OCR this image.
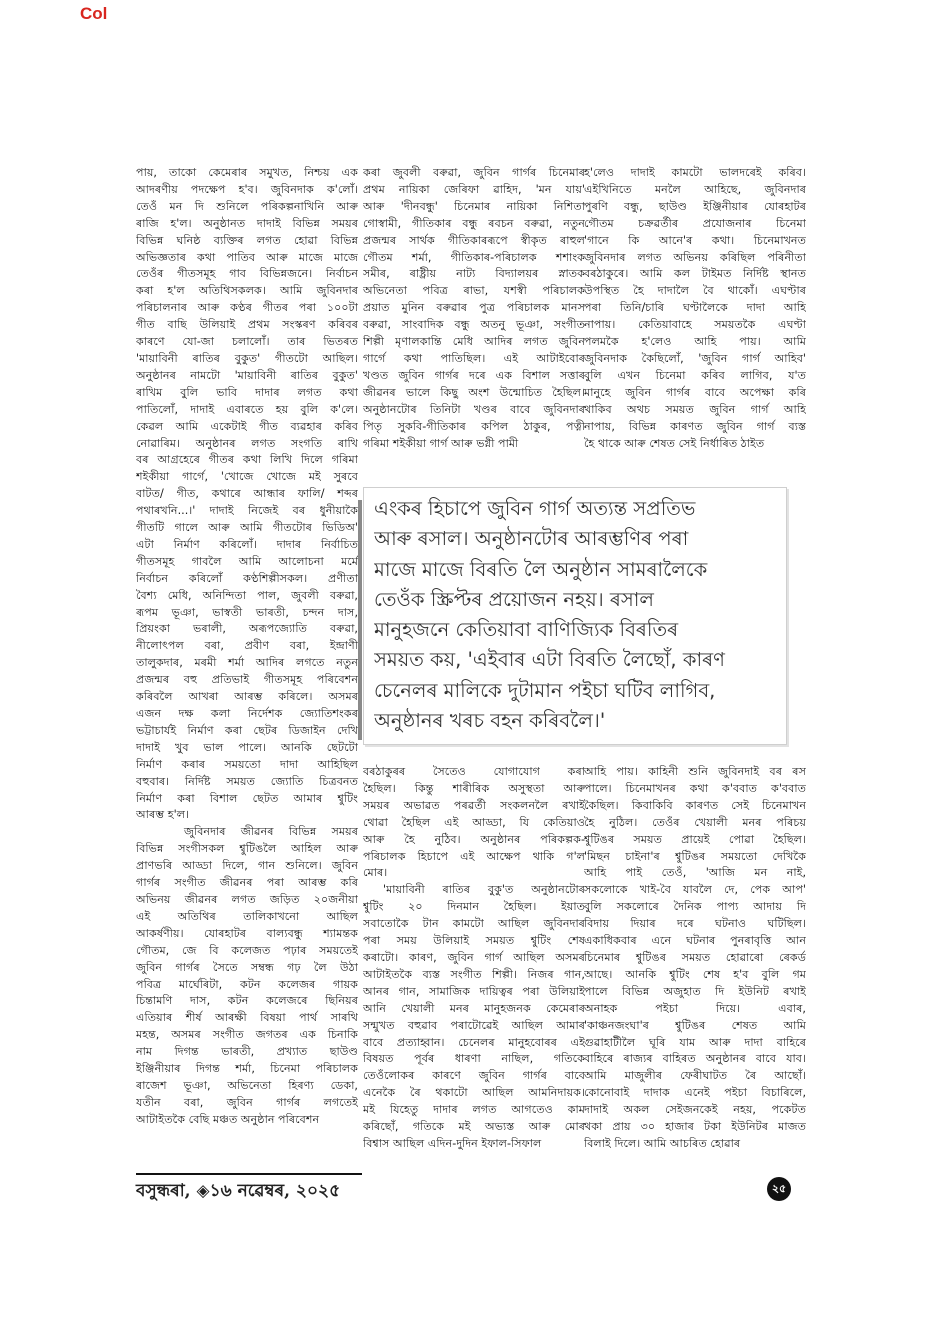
Col
পায়, তাকো কেমেৰাৰ সমুখত, নিশ্চয় এক
আদৰণীয় পদক্ষেপ হ'ব। জুবিনদাক ক'লোঁ।
তেওঁ মন দি শুনিলে পৰিকল্পনাখিনি আৰু
ৰাজি হ'ল। অনুষ্ঠানত দাদাই বিভিন্ন সময়ৰ
বিভিন্ন ঘনিষ্ঠ ব্যক্তিৰ লগত হোৱা বিভিন্ন
অভিজ্ঞতাৰ কথা পাতিব আৰু মাজে মাজে
তেওঁৰ গীতসমূহ গাব বিভিন্নজনে। নিৰ্বাচন
কৰা হ'ল অতিথিসকলক। আমি জুবিনদাৰ
পৰিচালনাৰ আৰু কণ্ঠৰ গীতৰ পৰা ১০০টা
গীত বাছি উলিয়াই প্ৰথম সংস্কৰণ কৰিবৰ
কাৰণে যো-জা চলালোঁ। তাৰ ভিতৰত
'মায়াবিনী ৰাতিৰ বুকুত' গীতটো আছিল।
অনুষ্ঠানৰ নামটো 'মায়াবিনী ৰাতিৰ বুকুত'
ৰাখিম বুলি ভাবি দাদাৰ লগত কথা
পাতিলোঁ, দাদাই এবাৰতে হয় বুলি ক'লে।
কেৱল আমি একেটাই গীত ব্যৱহাৰ কৰিব
নোৱাৰিম। অনুষ্ঠানৰ লগত সংগতি ৰাখি
বৰ আগ্ৰহেৰে গীতৰ কথা লিখি দিলে গৰিমা
শইকীয়া গাৰ্গে, 'খোজে খোজে মই সুৰবে
বাটত/ গীত, কথাৰে আন্ধাৰ ফালি/ শব্দৰ
পথাৰখনি...।' দাদাই নিজেই বৰ ধুনীয়াকৈ
গীতটি গালে আৰু আমি গীতটোৰ ভিডিঅ'
এটা নিৰ্মাণ কৰিলোঁ। দাদাৰ নিৰ্বাচিত
গীতসমূহ গাবলৈ আমি আলোচনা মৰ্মে
নিৰ্বাচন কৰিলোঁ কণ্ঠশিল্পীসকল। প্ৰণীতা
বৈশ্য মেধি, অনিন্দিতা পাল, জুবলী বৰুৱা,
ৰূপম ভূঞা, ভাস্বতী ভাৰতী, চন্দন দাস,
প্ৰিয়ংকা ভৰালী, অৰূপজ্যোতি বৰুৱা,
নীলোৎপল বৰা, প্ৰবীণ বৰা, ইন্দ্ৰাণী
তালুকদাৰ, মৰমী শৰ্মা আদিৰ লগতে নতুন
প্ৰজন্মৰ বহু প্ৰতিভাই গীতসমূহ পৰিবেশন
কৰিবলৈ আখৰা আৰম্ভ কৰিলে। অসমৰ
এজন দক্ষ কলা নিৰ্দেশক জ্যোতিশংকৰ
ভট্টাচাৰ্যই নিৰ্মাণ কৰা ছেটৰ ডিজাইন দেখি
দাদাই খুব ভাল পালে। আনকি ছেটটো
নিৰ্মাণ কৰাৰ সময়তো দাদা আহিছিল
বহুবাৰ। নিৰ্দিষ্ট সময়ত জ্যোতি চিত্ৰবনত
নিৰ্মাণ কৰা বিশাল ছেটত আমাৰ শ্বুটিং
আৰম্ভ হ'ল।
জুবিনদাৰ জীৱনৰ বিভিন্ন সময়ৰ
বিভিন্ন সংগীসকল শ্বুটিঙলৈ আহিল আৰু
প্ৰাণভৰি আড্ডা দিলে, গান শুনিলে। জুবিন
গাৰ্গৰ সংগীত জীৱনৰ পৰা আৰম্ভ কৰি
অভিনয় জীৱনৰ লগত জড়িত ২০জনীয়া
এই অতিথিৰ তালিকাখনো আছিল
আকৰ্ষণীয়। যোৰহাটৰ বাল্যবন্ধু শ্যামন্তক
গৌতম, জে বি কলেজত পঢ়াৰ সময়তেই
জুবিন গাৰ্গৰ সৈতে সম্বন্ধ গঢ় লৈ উঠা
পবিত্ৰ মাৰ্ঘেৰিটা, কটন কলেজৰ গায়ক
চিন্তামণি দাস, কটন কলেজৰে ছিনিয়ৰ
এতিয়াৰ শীৰ্ষ আৰক্ষী বিষয়া পাৰ্থ সাৰথি
মহন্ত, অসমৰ সংগীত জগতৰ এক চিনাকি
নাম দিগন্ত ভাৰতী, প্ৰখ্যাত ছাউণ্ড
ইঞ্জিনীয়াৰ দিগন্ত শৰ্মা, চিনেমা পৰিচালক
ৰাজেশ ভূঞা, অভিনেতা হিৰণ্য ডেকা,
যতীন বৰা, জুবিন গাৰ্গৰ লগতেই
আটাইতকৈ বেছি মঞ্চত অনুষ্ঠান পৰিবেশন
কৰা জুবলী বৰুৱা, জুবিন গাৰ্গৰ চিনেমাৰ
প্ৰথম নায়িকা জেৰিফা ৱাহিদ, 'মন যায়'
আৰু 'দীনবন্ধু' চিনেমাৰ নায়িকা নিশিতা
গোস্বামী, গীতিকাৰ বন্ধু ৰবচন বৰুৱা, নতুন
প্ৰজন্মৰ সাৰ্থক গীতিকাৰৰূপে স্বীকৃত ৰাহুল
গৌতম শৰ্মা, গীতিকাৰ-পৰিচালক শশাংক
সমীৰ, ৰাষ্ট্ৰীয় নাট্য বিদ্যালয়ৰ স্নাতক
অভিনেতা পবিত্ৰ ৰাভা, যশস্বী পৰিচালক
প্ৰয়াত মুনিন বৰুৱাৰ পুত্ৰ পৰিচালক মানস
বৰুৱা, সাংবাদিক বন্ধু অতনু ভূঞা, সংগীত
শিল্পী মৃণালকান্তি মেধি আদিৰ লগত জুবিন
গাৰ্গে কথা পাতিছিল। এই আটাইবোৰ
খণ্ডত জুবিন গাৰ্গৰ দৰে এক বিশাল সত্তাৰ
জীৱনৰ ভালে কিছু অংশ উন্মোচিত হৈছিল।
অনুষ্ঠানটোৰ তিনিটা খণ্ডৰ বাবে জুবিনদাৰ
পিতৃ সুকবি-গীতিকাৰ কপিল ঠাকুৰ, পত্নী
গৰিমা শইকীয়া গাৰ্গ আৰু ভগ্নী পামী
হ'লেও দাদাই কামটো ভালদৰেই কৰিব।
এইখিনিতে মনলৈ আহিছে, জুবিনদাৰ
পুৰণি বন্ধু, ছাউণ্ড ইঞ্জিনীয়াৰ যোৰহাটৰ
গৌতম চক্ৰৱৰ্তীৰ প্ৰযোজনাৰ চিনেমা
'গানে কি আনে'ৰ কথা। চিনেমাখনত
জুবিনদাৰ লগত অভিনয় কৰিছিল পৰিনীতা
বৰঠাকুৰে। আমি কল টাইমত নিৰ্দিষ্ট স্থানত
উপস্থিত হৈ দাদালৈ বৈ থাকোঁ। এঘণ্টাৰ
পৰা তিনি/চাৰি ঘণ্টালৈকে দাদা আহি
নাপায়। কেতিয়াবাহে সময়তকৈ এঘণ্টা
পলমকৈ হ'লেও আহি পায়। আমি
জুবিনদাক কৈছিলোঁ, 'জুবিন গাৰ্গ আহিব'
বুলি এখন চিনেমা কৰিব লাগিব, য'ত
মানুহে জুবিন গাৰ্গৰ বাবে অপেক্ষা কৰি
থাকিব অথচ সময়ত জুবিন গাৰ্গ আহি
নাপায়, বিভিন্ন কাৰণত জুবিন গাৰ্গ ব্যস্ত
হৈ থাকে আৰু শেষত সেই নিৰ্ধাৰিত ঠাইত
এংকৰ হিচাপে জুবিন গাৰ্গ অত্যন্ত সপ্ৰতিভ
আৰু ৰসাল। অনুষ্ঠানটোৰ আৰম্ভণিৰ পৰা
মাজে মাজে বিৰতি লৈ অনুষ্ঠান সামৰালৈকে
তেওঁক স্ক্ৰিপ্টৰ প্ৰয়োজন নহয়। ৰসাল
মানুহজনে কেতিয়াবা বাণিজ্যিক বিৰতিৰ
সময়ত কয়, 'এইবাৰ এটা বিৰতি লৈছোঁ, কাৰণ
চেনেলৰ মালিকে দুটামান পইচা ঘটিব লাগিব,
অনুষ্ঠানৰ খৰচ বহন কৰিবলৈ।'
বৰঠাকুৰৰ সৈতেও যোগাযোগ কৰা
হৈছিল। কিন্তু শাৰীৰিক অসুস্থতা আৰু
সময়ৰ অভাৱত পৰৱৰ্তী সংকলনলৈ ৰখাই
থোৱা হৈছিল এই আড্ডা, যি কেতিয়াও
আৰু হৈ নুঠিব। অনুষ্ঠানৰ পৰিকল্পক-
পৰিচালক হিচাপে এই আক্ষেপ থাকি গ'ল
মোৰ।
'মায়াবিনী ৰাতিৰ বুকু'ত অনুষ্ঠানটোৰ
শ্বুটিং ২০ দিনমান হৈছিল। ইয়াত
সবাতোকৈ টান কামটো আছিল জুবিনদাৰ
পৰা সময় উলিয়াই সময়ত শ্বুটিং শেষ
কৰাটো। কাৰণ, জুবিন গাৰ্গ আছিল অসমৰ
আটাইতকৈ ব্যস্ত সংগীত শিল্পী। নিজৰ গান,
আনৰ গান, সামাজিক দায়িত্বৰ পৰা উলিয়াই
আনি খেয়ালী মনৰ মানুহজনক কেমেৰাৰ
সন্মুখত বহুৱাব পৰাটোৱেই আছিল আমাৰ
বাবে প্ৰত্যাহ্বান। চেনেলৰ মানুহবোৰৰ এই
বিষয়ত পূৰ্বৰ ধাৰণা নাছিল, গতিকে
তেওঁলোকৰ কাৰণে জুবিন গাৰ্গৰ বাবে
এনেকৈ ৰৈ থকাটো আছিল আমনিদায়ক।
মই যিহেতু দাদাৰ লগত আগতেও কাম
কৰিছোঁ, গতিকে মই অভ্যস্ত আৰু মোৰ
বিশ্বাস আছিল এদিন-দুদিন ইফাল-সিফাল
আহি পায়। কাহিনী শুনি জুবিনদাই বৰ ৰস
পালে। চিনেমাখনৰ কথা ক'ববাত ক'ববাত
কৈছিল। কিবাকিবি কাৰণত সেই চিনেমাখন
হৈ নুঠিল। তেওঁৰ খেয়ালী মনৰ পৰিচয়
শ্বুটিঙৰ সময়ত প্ৰায়েই পোৱা হৈছিল।
'মিছন চাইনা'ৰ শ্বুটিঙৰ সময়তো দেখিকৈ
আহি পাই তেওঁ, 'আজি মন নাই,
সকলোকে খাই-বৈ যাবলৈ দে, পেক আপ'
বুলি সকলোৰে দৈনিক পাপ্য আদায় দি
বিদায় দিয়াৰ দৰে ঘটনাও ঘটিছিল।
একাধিকবাৰ এনে ঘটনাৰ পুনৰাবৃত্তি আন
চিনেমাৰ শ্বুটিঙৰ সময়ত হোৱাৰো ৰেকৰ্ড
আছে। আনকি শ্বুটিং শেষ হ'ব বুলি গম
পালে বিভিন্ন অজুহাত দি ইউনিট ৰখাই
অনাহক পইচা দিয়ে। এবাৰ,
'কাঞ্চনজংঘা'ৰ শ্বুটিঙৰ শেষত আমি
গুৱাহাটীলৈ ঘূৰি যাম আৰু দাদা বাহিৰে
বাহিৰে ৰাজ্যৰ বাহিৰত অনুষ্ঠানৰ বাবে যাব।
আমি মাজুলীৰ ফেৰীঘাটত ৰৈ আছোঁ।
কোনোবাই দাদাক এনেই পইচা বিচাৰিলে,
দাদাই অকল সেইজনকেই নহয়, পকেটত
থকা প্ৰায় ৩০ হাজাৰ টকা ইউনিটৰ মাজত
বিলাই দিলে। আমি আচৰিত হোৱাৰ
বসুন্ধৰা, ◈১৬ নৱেম্বৰ, ২০২৫	২৫
